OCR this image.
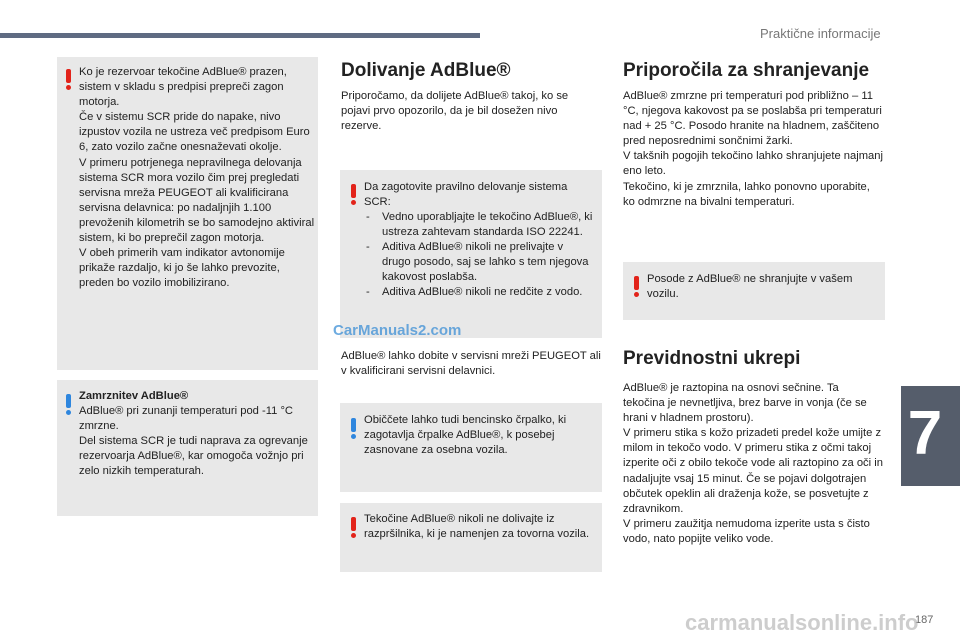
Praktične informacije
7
187
Ko je rezervoar tekočine AdBlue® prazen, sistem v skladu s predpisi prepreči zagon motorja.
Če v sistemu SCR pride do napake, nivo izpustov vozila ne ustreza več predpisom Euro 6, zato vozilo začne onesnaževati okolje.
V primeru potrjenega nepravilnega delovanja sistema SCR mora vozilo čim prej pregledati servisna mreža PEUGEOT ali kvalificirana servisna delavnica: po nadaljnjih 1.100 prevoženih kilometrih se bo samodejno aktiviral sistem, ki bo preprečil zagon motorja.
V obeh primerih vam indikator avtonomije prikaže razdaljo, ki jo še lahko prevozite, preden bo vozilo imobilizirano.
Zamrznitev AdBlue®
AdBlue® pri zunanji temperaturi pod -11 °C zmrzne.
Del sistema SCR je tudi naprava za ogrevanje rezervoarja AdBlue®, kar omogoča vožnjo pri zelo nizkih temperaturah.
Dolivanje AdBlue®
Priporočamo, da dolijete AdBlue® takoj, ko se pojavi prvo opozorilo, da je bil dosežen nivo rezerve.
Da zagotovite pravilno delovanje sistema SCR:
- Vedno uporabljajte le tekočino AdBlue®, ki ustreza zahtevam standarda ISO 22241.
- Aditiva AdBlue® nikoli ne prelivajte v drugo posodo, saj se lahko s tem njegova kakovost poslabša.
- Aditiva AdBlue® nikoli ne redčite z vodo.
AdBlue® lahko dobite v servisni mreži PEUGEOT ali v kvalificirani servisni delavnici.
Običčete lahko tudi bencinsko črpalko, ki zagotavlja črpalke AdBlue®, k posebej zasnovane za osebna vozila.
Tekočine AdBlue® nikoli ne dolivajte iz razpršilnika, ki je namenjen za tovorna vozila.
Priporočila za shranjevanje
AdBlue® zmrzne pri temperaturi pod približno – 11 °C, njegova kakovost pa se poslabša pri temperaturi nad + 25 °C. Posodo hranite na hladnem, zaščiteno pred neposrednimi sončnimi žarki.
V takšnih pogojih tekočino lahko shranjujete najmanj eno leto.
Tekočino, ki je zmrznila, lahko ponovno uporabite, ko odmrzne na bivalni temperaturi.
Posode z AdBlue® ne shranjujte v vašem vozilu.
Previdnostni ukrepi
AdBlue® je raztopina na osnovi sečnine. Ta tekočina je nevnetljiva, brez barve in vonja (če se hrani v hladnem prostoru).
V primeru stika s kožo prizadeti predel kože umijte z milom in tekočo vodo. V primeru stika z očmi takoj izperite oči z obilo tekoče vode ali raztopino za oči in nadaljujte vsaj 15 minut. Če se pojavi dolgotrajen občutek opeklin ali draženja kože, se posvetujte z zdravnikom.
V primeru zaužitja nemudoma izperite usta s čisto vodo, nato popijte veliko vode.
CarManuals2.com
carmanualsonline.info
